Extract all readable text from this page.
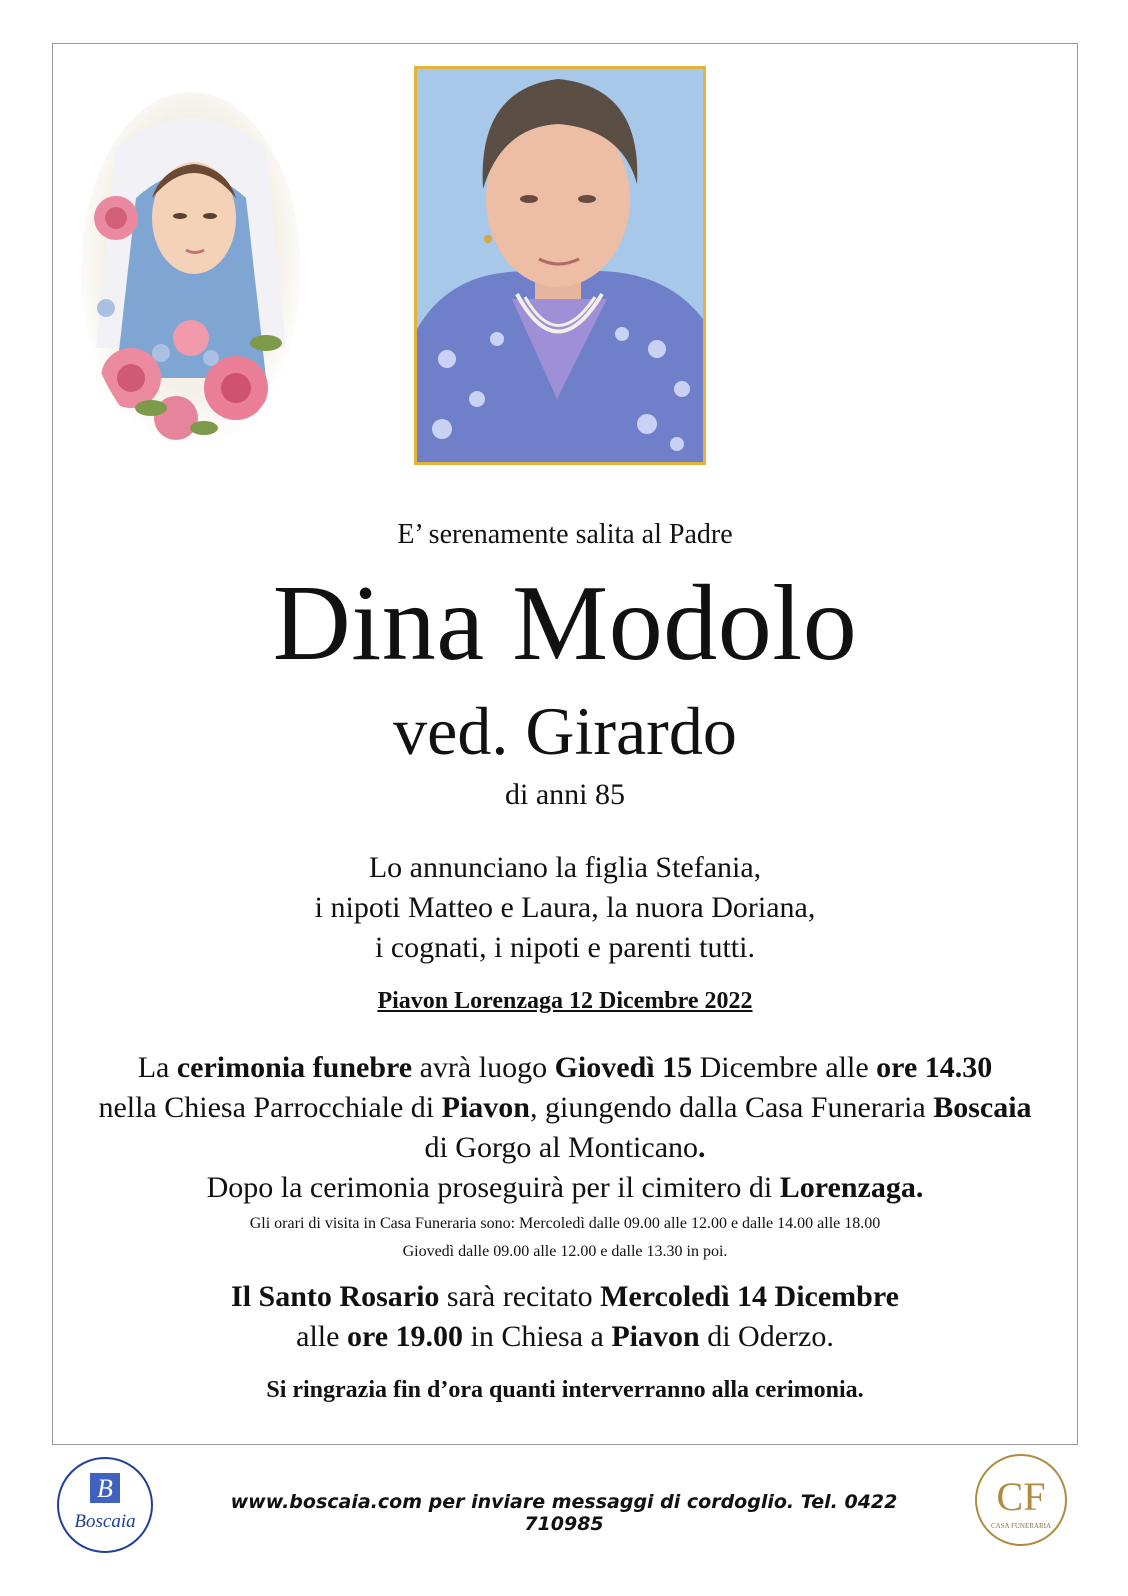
E’ serenamente salita al Padre
Dina Modolo
ved. Girardo
di anni 85
Lo annunciano la figlia Stefania,
i nipoti Matteo e Laura, la nuora Doriana,
i cognati, i nipoti e parenti tutti.
Piavon Lorenzaga 12 Dicembre 2022
La cerimonia funebre avrà luogo Giovedì 15 Dicembre alle ore 14.30
nella Chiesa Parrocchiale di Piavon, giungendo dalla Casa Funeraria Boscaia
di Gorgo al Monticano.
Dopo la cerimonia proseguirà per il cimitero di Lorenzaga.
Gli orari di visita in Casa Funeraria sono: Mercoledì dalle 09.00 alle 12.00 e dalle 14.00 alle 18.00
Giovedì dalle 09.00 alle 12.00 e dalle 13.30 in poi.
Il Santo Rosario sarà recitato Mercoledì 14 Dicembre
alle ore 19.00 in Chiesa a Piavon di Oderzo.
Si ringrazia fin d’ora quanti interverranno alla cerimonia.
B
Boscaia
www.boscaia.com per inviare messaggi di cordoglio. Tel. 0422 710985
CF
CASA FUNERARIA
